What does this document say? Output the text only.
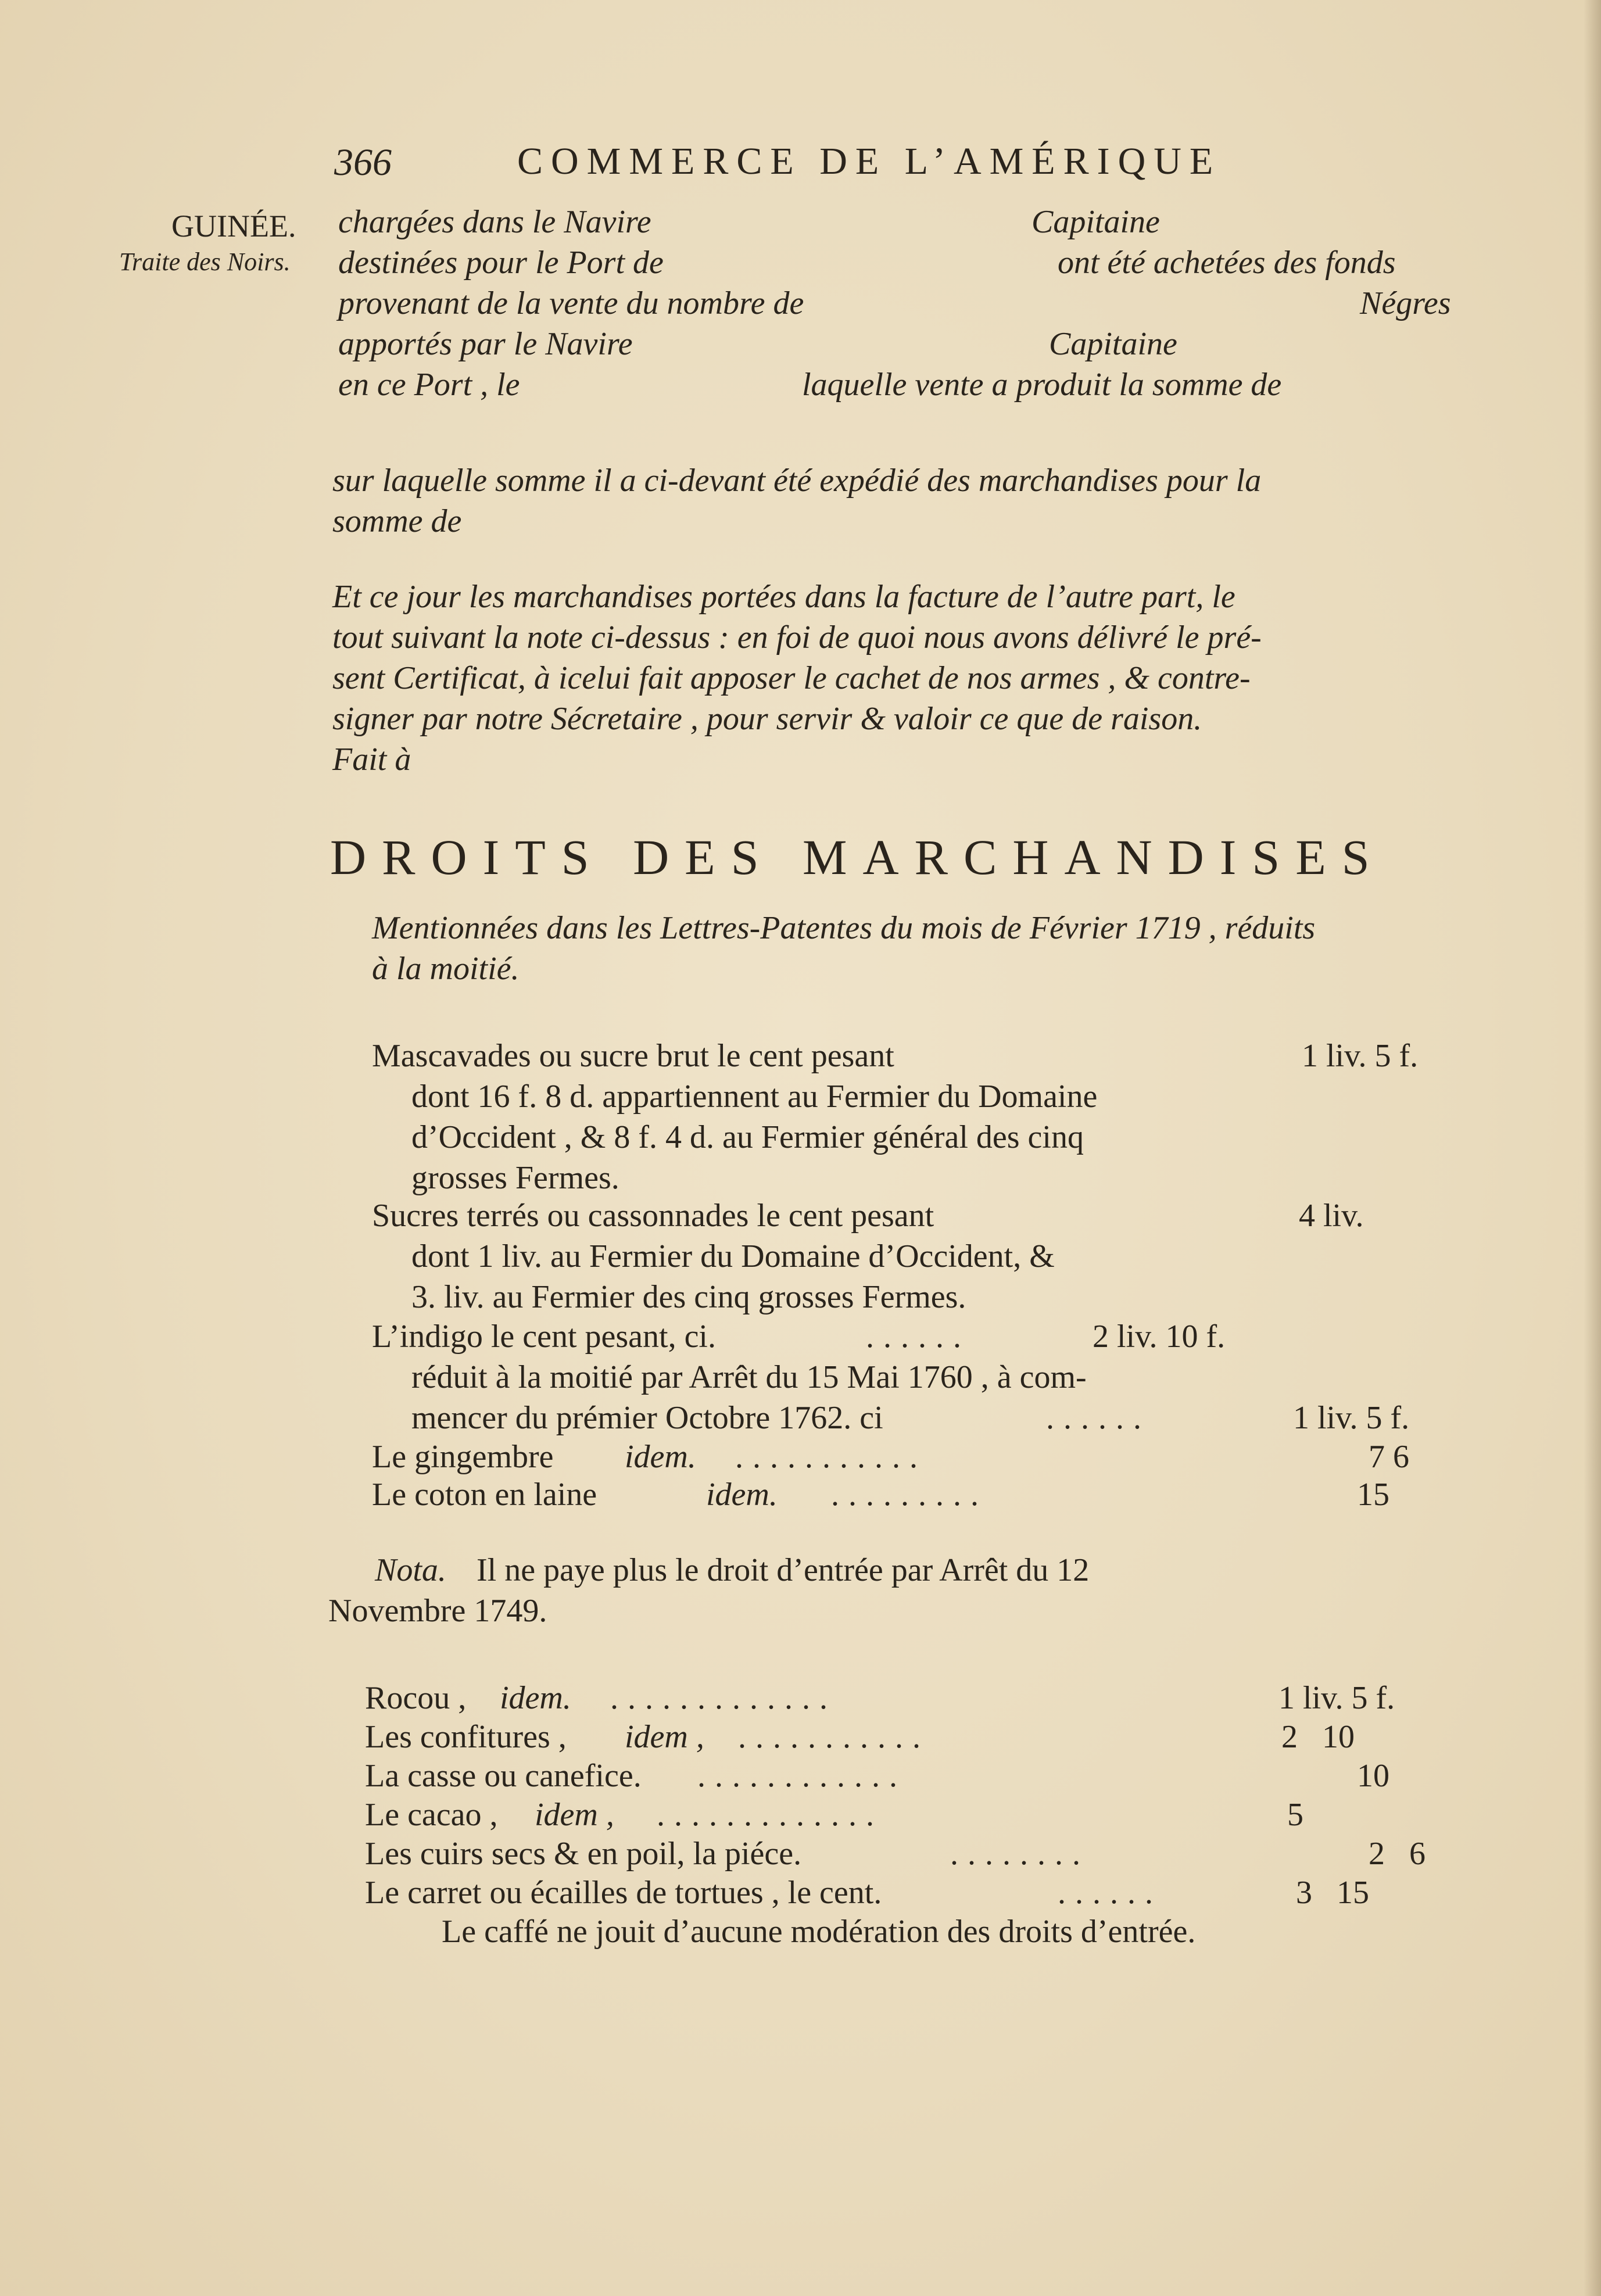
366	COMMERCE DE L’AMÉRIQUE
GUINÉE.
Traite des Noirs.
chargées dans le Navire	Capitaine
destinées pour le Port de	ont été achetées des fonds
provenant de la vente du nombre de	Négres
apportés par le Navire	Capitaine
en ce Port , le	laquelle vente a produit la somme de
sur laquelle somme il a ci-devant été expédié des marchandises pour la
somme de
Et ce jour les marchandises portées dans la facture de l’autre part, le
tout suivant la note ci-dessus : en foi de quoi nous avons délivré le pré-
sent Certificat, à icelui fait apposer le cachet de nos armes , & contre-
signer par notre Sécretaire , pour servir & valoir ce que de raison.
Fait à
DROITS DES MARCHANDISES
Mentionnées dans les Lettres-Patentes du mois de Février 1719 , réduits
à la moitié.
Mascavades ou sucre brut le cent pesant	1 liv. 5 f.
dont 16 f. 8 d. appartiennent au Fermier du Domaine
d’Occident , & 8 f. 4 d. au Fermier général des cinq
grosses Fermes.
Sucres terrés ou cassonnades le cent pesant	4 liv.
dont 1 liv. au Fermier du Domaine d’Occident, &
3. liv. au Fermier des cinq grosses Fermes.
L’indigo le cent pesant, ci.	......	2 liv. 10 f.
réduit à la moitié par Arrêt du 15 Mai 1760 , à com-
mencer du prémier Octobre 1762. ci	......	1 liv. 5 f.
Le gingembre idem. ...........	7 6
Le coton en laine	idem. .........	15
Nota. Il ne paye plus le droit d’entrée par Arrêt du 12
Novembre 1749.
Rocou , idem. .............	1 liv. 5 f.
Les confitures , idem , ...........	2   10
La casse ou canefice. ............	10
Le cacao , idem , .............	5
Les cuirs secs & en poil, la piéce.	........	2   6
Le carret ou écailles de tortues , le cent.	......	3   15
Le caffé ne jouit d’aucune modération des droits d’entrée.
